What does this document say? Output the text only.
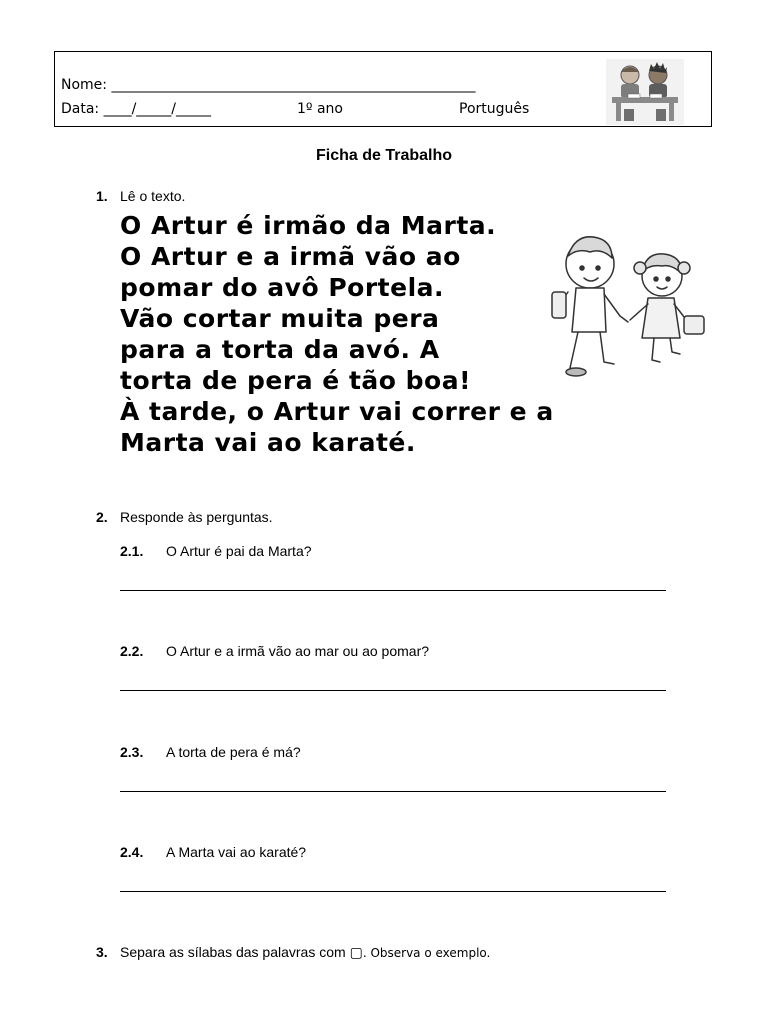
Nome: ____________________________________________________
Data: ____/_____/_____	1º ano	Português
Ficha de Trabalho
1. Lê o texto.
O Artur é irmão da Marta.
O Artur e a irmã vão ao
pomar do avô Portela.
Vão cortar muita pera
para a torta da avó. A
torta de pera é tão boa!
À tarde, o Artur vai correr e a
Marta vai ao karaté.
2. Responde às perguntas.
2.1. O Artur é pai da Marta?
2.2. O Artur e a irmã vão ao mar ou ao pomar?
2.3. A torta de pera é má?
2.4. A Marta vai ao karaté?
3. Separa as sílabas das palavras com ▢. Observa o exemplo.
